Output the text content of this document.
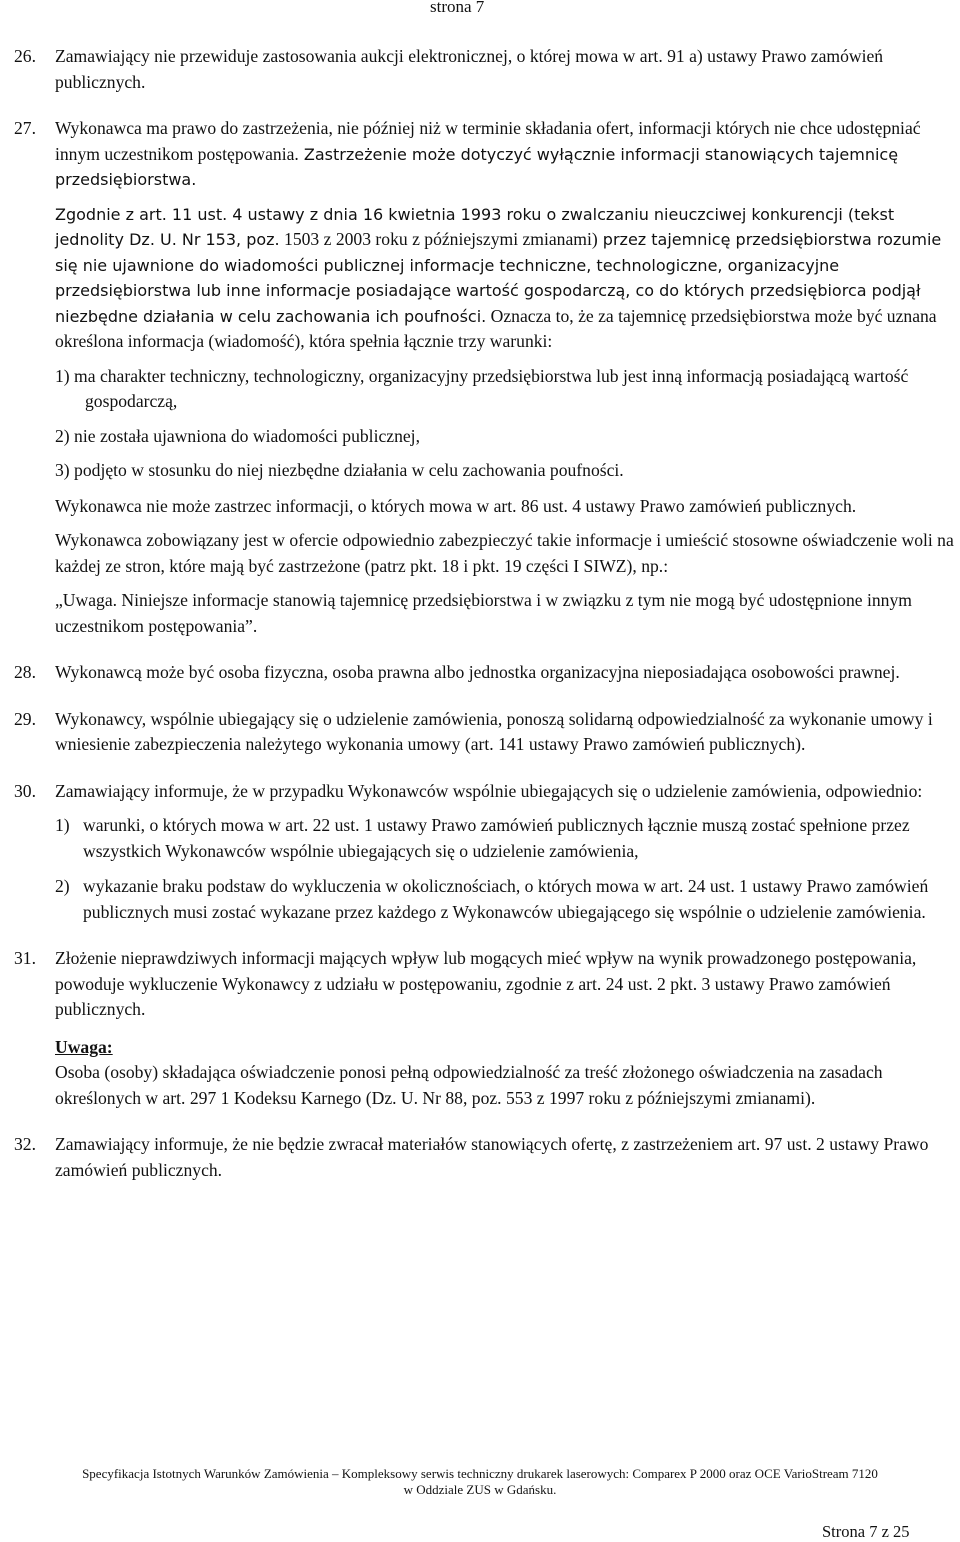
strona 7
26.	Zamawiający nie przewiduje zastosowania aukcji elektronicznej, o której mowa w art. 91 a) ustawy Prawo zamówień publicznych.
27.	Wykonawca ma prawo do zastrzeżenia, nie później niż w terminie składania ofert, informacji których nie chce udostępniać innym uczestnikom postępowania. Zastrzeżenie może dotyczyć wyłącznie informacji stanowiących tajemnicę przedsiębiorstwa.

Zgodnie z art. 11 ust. 4 ustawy z dnia 16 kwietnia 1993 roku o zwalczaniu nieuczciwej konkurencji (tekst jednolity Dz. U. Nr 153, poz. 1503 z 2003 roku z późniejszymi zmianami) przez tajemnicę przedsiębiorstwa rozumie się nie ujawnione do wiadomości publicznej informacje techniczne, technologiczne, organizacyjne przedsiębiorstwa lub inne informacje posiadające wartość gospodarczą, co do których przedsiębiorca podjął niezbędne działania w celu zachowania ich poufności. Oznacza to, że za tajemnicę przedsiębiorstwa może być uznana określona informacja (wiadomość), która spełnia łącznie trzy warunki:

1) ma charakter techniczny, technologiczny, organizacyjny przedsiębiorstwa lub jest inną informacją posiadającą wartość gospodarczą,

2) nie została ujawniona do wiadomości publicznej,

3) podjęto w stosunku do niej niezbędne działania w celu zachowania poufności.

Wykonawca nie może zastrzec informacji, o których mowa w art. 86 ust. 4 ustawy Prawo zamówień publicznych.

Wykonawca zobowiązany jest w ofercie odpowiednio zabezpieczyć takie informacje i umieścić stosowne oświadczenie woli na każdej ze stron, które mają być zastrzeżone (patrz pkt. 18 i pkt. 19 części I SIWZ), np.:

„Uwaga. Niniejsze informacje stanowią tajemnicę przedsiębiorstwa i w związku z tym nie mogą być udostępnione innym uczestnikom postępowania”.

28.	Wykonawcą może być osoba fizyczna, osoba prawna albo jednostka organizacyjna nieposiadająca osobowości prawnej.
29.	Wykonawcy, wspólnie ubiegający się o udzielenie zamówienia, ponoszą solidarną odpowiedzialność za wykonanie umowy i wniesienie zabezpieczenia należytego wykonania umowy (art. 141 ustawy Prawo zamówień publicznych).
30.	Zamawiający informuje, że w przypadku Wykonawców wspólnie ubiegających się o udzielenie zamówienia, odpowiednio:

1) warunki, o których mowa w art. 22 ust. 1 ustawy Prawo zamówień publicznych łącznie muszą zostać spełnione przez wszystkich Wykonawców wspólnie ubiegających się o udzielenie zamówienia,
2) wykazanie braku podstaw do wykluczenia w okolicznościach, o których mowa w art. 24 ust. 1 ustawy Prawo zamówień publicznych musi zostać wykazane przez każdego z Wykonawców ubiegającego się wspólnie o udzielenie zamówienia.
31.	Złożenie nieprawdziwych informacji mających wpływ lub mogących mieć wpływ na wynik prowadzonego postępowania, powoduje wykluczenie Wykonawcy z udziału w postępowaniu, zgodnie z art. 24 ust. 2 pkt. 3 ustawy Prawo zamówień publicznych.

Uwaga:
Osoba (osoby) składająca oświadczenie ponosi pełną odpowiedzialność za treść złożonego oświadczenia na zasadach określonych w art. 297 1 Kodeksu Karnego (Dz. U. Nr 88, poz. 553 z 1997 roku z późniejszymi zmianami).

32.	Zamawiający informuje, że nie będzie zwracał materiałów stanowiących ofertę, z zastrzeżeniem art. 97 ust. 2 ustawy Prawo zamówień publicznych.
Specyfikacja Istotnych Warunków Zamówienia – Kompleksowy serwis techniczny drukarek laserowych: Comparex P 2000 oraz OCE VarioStream 7120
w Oddziale ZUS w Gdańsku.
Strona 7 z 25
